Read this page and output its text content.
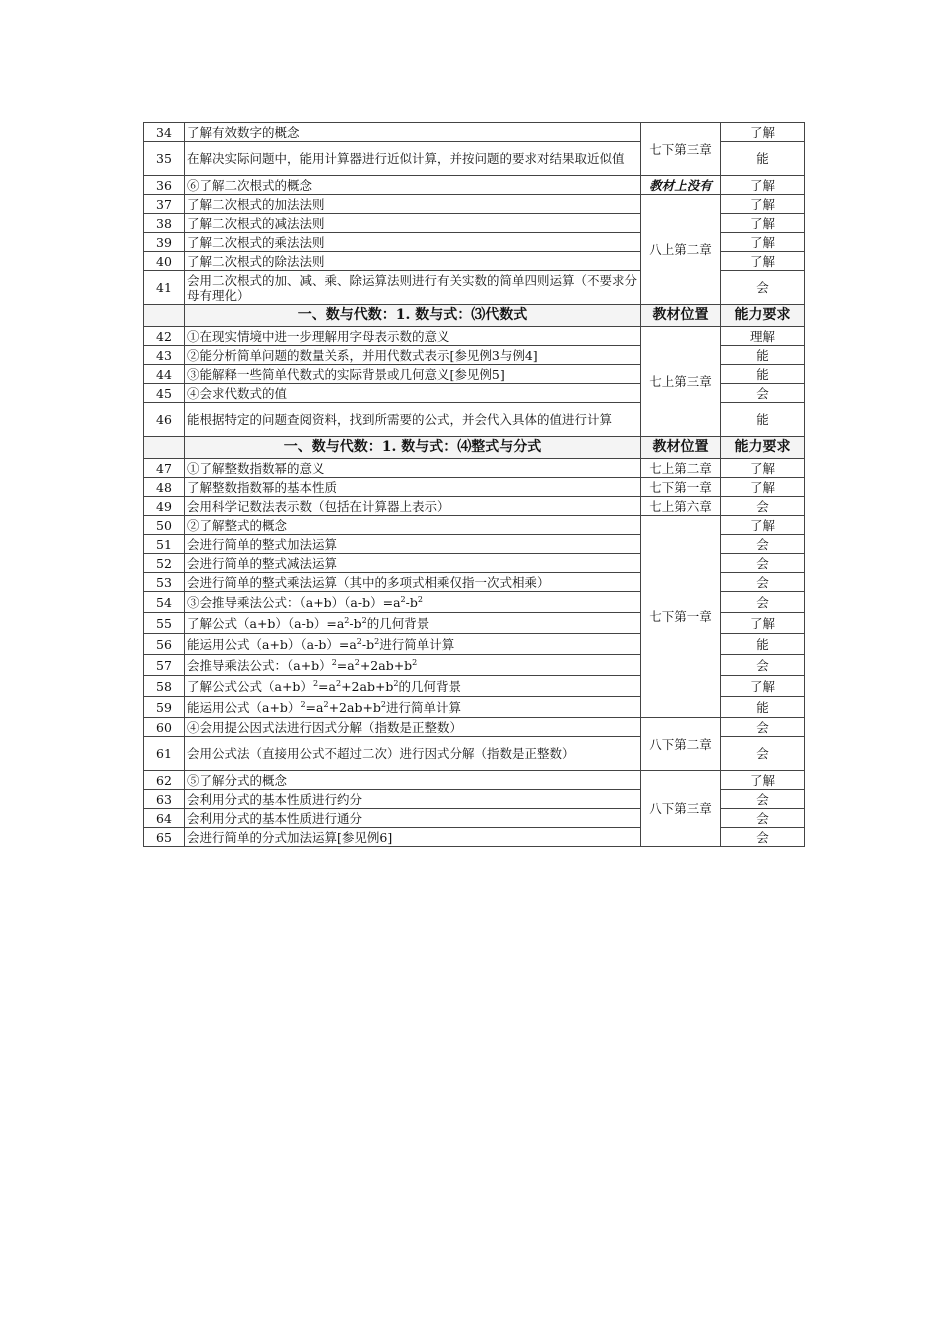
34	了解有效数字的概念	七下第三章	了解
35	在解决实际问题中，能用计算器进行近似计算，并按问题的要求对结果取近似值		能
36	⑥了解二次根式的概念	教材上没有	了解
37	了解二次根式的加法法则	八上第二章	了解
38	了解二次根式的减法法则		了解
39	了解二次根式的乘法法则		了解
40	了解二次根式的除法法则		了解
41	会用二次根式的加、减、乘、除运算法则进行有关实数的简单四则运算（不要求分母有理化）		会
	一、数与代数：1. 数与式：⑶代数式	教材位置	能力要求
42	①在现实情境中进一步理解用字母表示数的意义	七上第三章	理解
43	②能分析简单问题的数量关系，并用代数式表示[参见例3与例4]		能
44	③能解释一些简单代数式的实际背景或几何意义[参见例5]		能
45	④会求代数式的值		会
46	能根据特定的问题查阅资料，找到所需要的公式，并会代入具体的值进行计算		能
	一、数与代数：1. 数与式：⑷整式与分式	教材位置	能力要求
47	①了解整数指数幂的意义	七上第二章	了解
48	了解整数指数幂的基本性质	七下第一章	了解
49	会用科学记数法表示数（包括在计算器上表示）	七上第六章	会
50	②了解整式的概念	七下第一章	了解
51	会进行简单的整式加法运算		会
52	会进行简单的整式减法运算		会
53	会进行简单的整式乘法运算（其中的多项式相乘仅指一次式相乘）		会
54	③会推导乘法公式：$(a+b)(a-b)=a^2-b^2$		会
55	了解公式$(a+b)(a-b)=a^2-b^2$的几何背景		了解
56	能运用公式$(a+b)(a-b)=a^2-b^2$进行简单计算		能
57	会推导乘法公式：$(a+b)^2=a^2+2ab+b^2$		会
58	了解公式公式$(a+b)^2=a^2+2ab+b^2$的几何背景		了解
59	能运用公式$(a+b)^2=a^2+2ab+b^2$进行简单计算		能
60	④会用提公因式法进行因式分解（指数是正整数）	八下第二章	会
61	会用公式法（直接用公式不超过二次）进行因式分解（指数是正整数）		会
62	⑤了解分式的概念	八下第三章	了解
63	会利用分式的基本性质进行约分		会
64	会利用分式的基本性质进行通分		会
65	会进行简单的分式加法运算[参见例6]		会
